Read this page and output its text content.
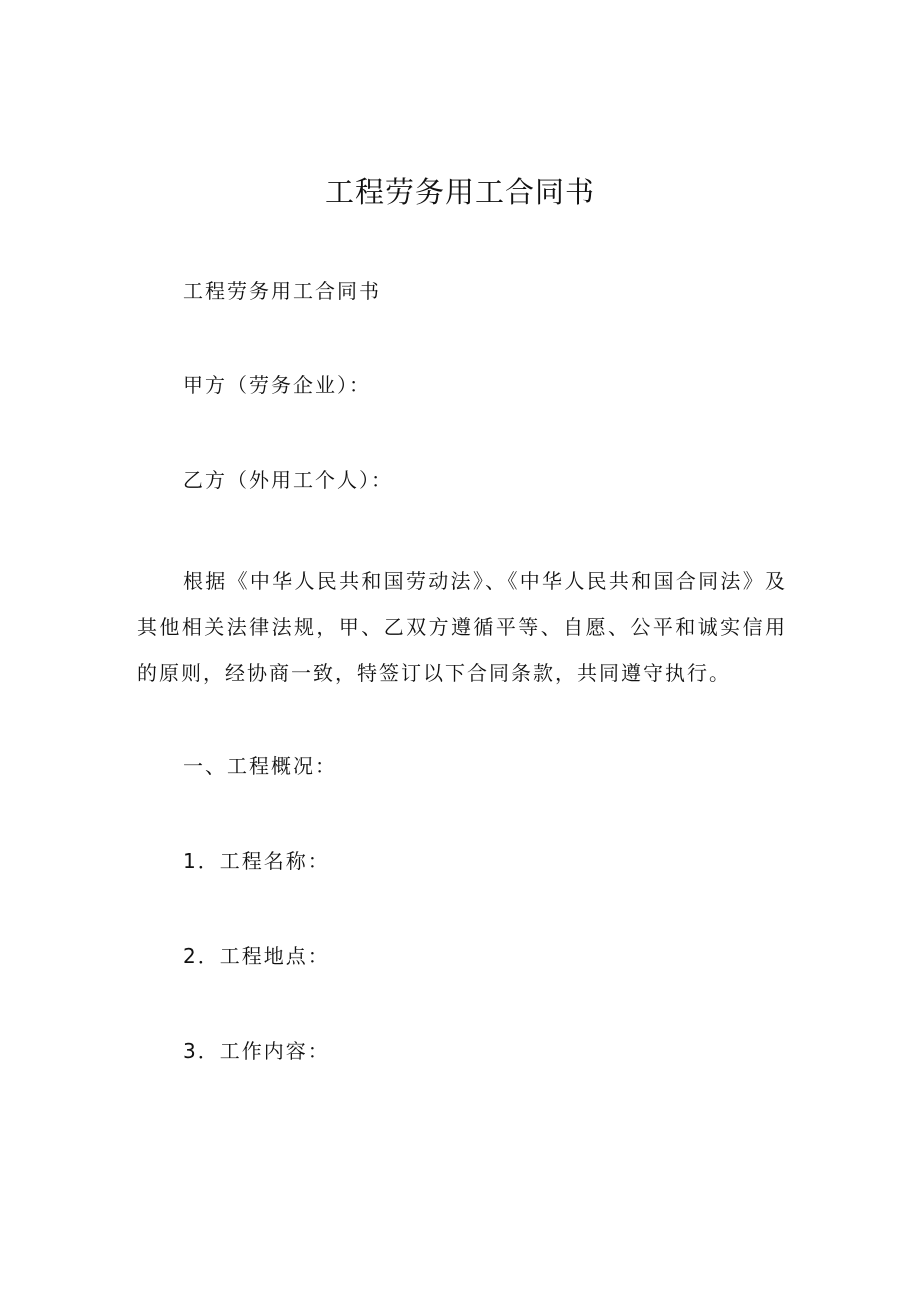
工程劳务用工合同书

工程劳务用工合同书

甲方（劳务企业）：

乙方（外用工个人）：

根据《中华人民共和国劳动法》、《中华人民共和国合同法》及其他相关法律法规，甲、乙双方遵循平等、自愿、公平和诚实信用的原则，经协商一致，特签订以下合同条款，共同遵守执行。

一、工程概况：

1．工程名称：

2．工程地点：

3．工作内容：
